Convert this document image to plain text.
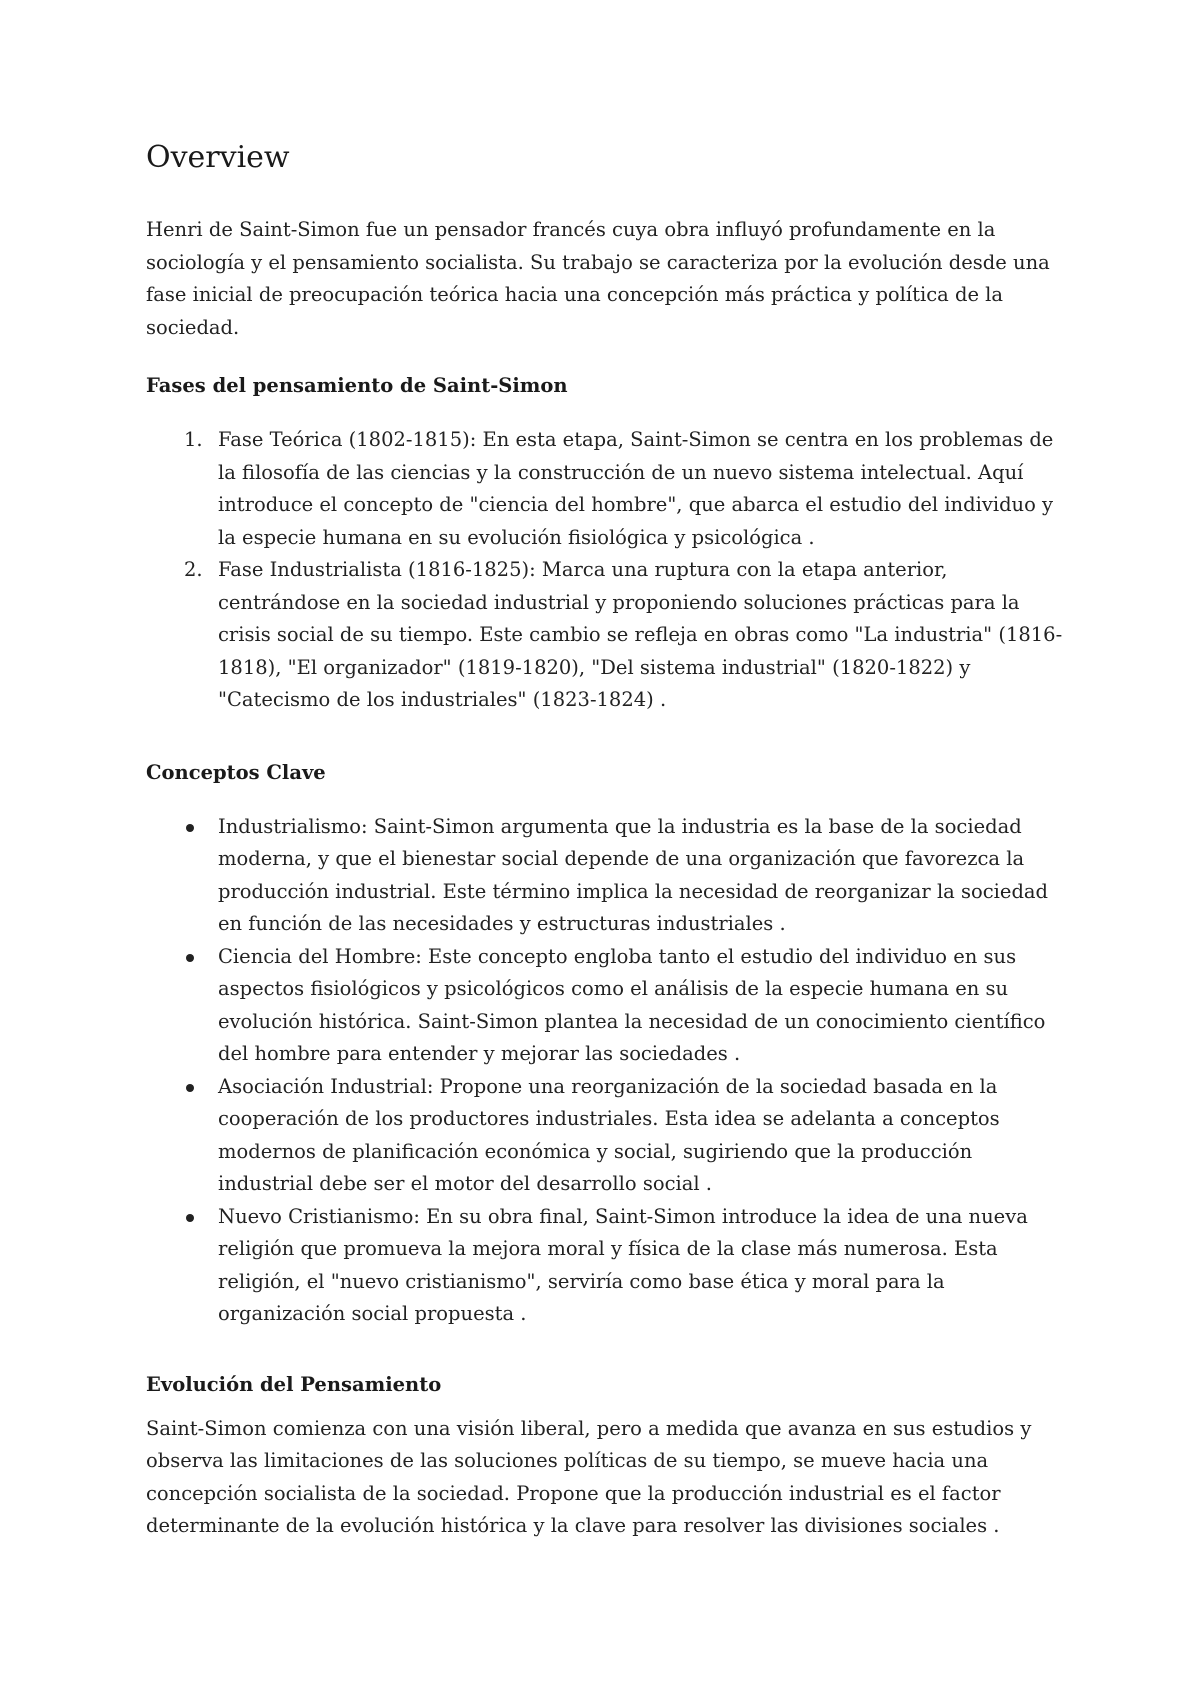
Overview

Henri de Saint-Simon fue un pensador francés cuya obra influyó profundamente en la sociología y el pensamiento socialista. Su trabajo se caracteriza por la evolución desde una fase inicial de preocupación teórica hacia una concepción más práctica y política de la sociedad.

Fases del pensamiento de Saint-Simon
1. Fase Teórica (1802-1815): En esta etapa, Saint-Simon se centra en los problemas de la filosofía de las ciencias y la construcción de un nuevo sistema intelectual. Aquí introduce el concepto de "ciencia del hombre", que abarca el estudio del individuo y la especie humana en su evolución fisiológica y psicológica .
2. Fase Industrialista (1816-1825): Marca una ruptura con la etapa anterior, centrándose en la sociedad industrial y proponiendo soluciones prácticas para la crisis social de su tiempo. Este cambio se refleja en obras como "La industria" (1816-1818), "El organizador" (1819-1820), "Del sistema industrial" (1820-1822) y "Catecismo de los industriales" (1823-1824) .
Conceptos Clave
Industrialismo: Saint-Simon argumenta que la industria es la base de la sociedad moderna, y que el bienestar social depende de una organización que favorezca la producción industrial. Este término implica la necesidad de reorganizar la sociedad en función de las necesidades y estructuras industriales .
Ciencia del Hombre: Este concepto engloba tanto el estudio del individuo en sus aspectos fisiológicos y psicológicos como el análisis de la especie humana en su evolución histórica. Saint-Simon plantea la necesidad de un conocimiento científico del hombre para entender y mejorar las sociedades .
Asociación Industrial: Propone una reorganización de la sociedad basada en la cooperación de los productores industriales. Esta idea se adelanta a conceptos modernos de planificación económica y social, sugiriendo que la producción industrial debe ser el motor del desarrollo social .
Nuevo Cristianismo: En su obra final, Saint-Simon introduce la idea de una nueva religión que promueva la mejora moral y física de la clase más numerosa. Esta religión, el "nuevo cristianismo", serviría como base ética y moral para la organización social propuesta .
Evolución del Pensamiento

Saint-Simon comienza con una visión liberal, pero a medida que avanza en sus estudios y observa las limitaciones de las soluciones políticas de su tiempo, se mueve hacia una concepción socialista de la sociedad. Propone que la producción industrial es el factor determinante de la evolución histórica y la clave para resolver las divisiones sociales .
